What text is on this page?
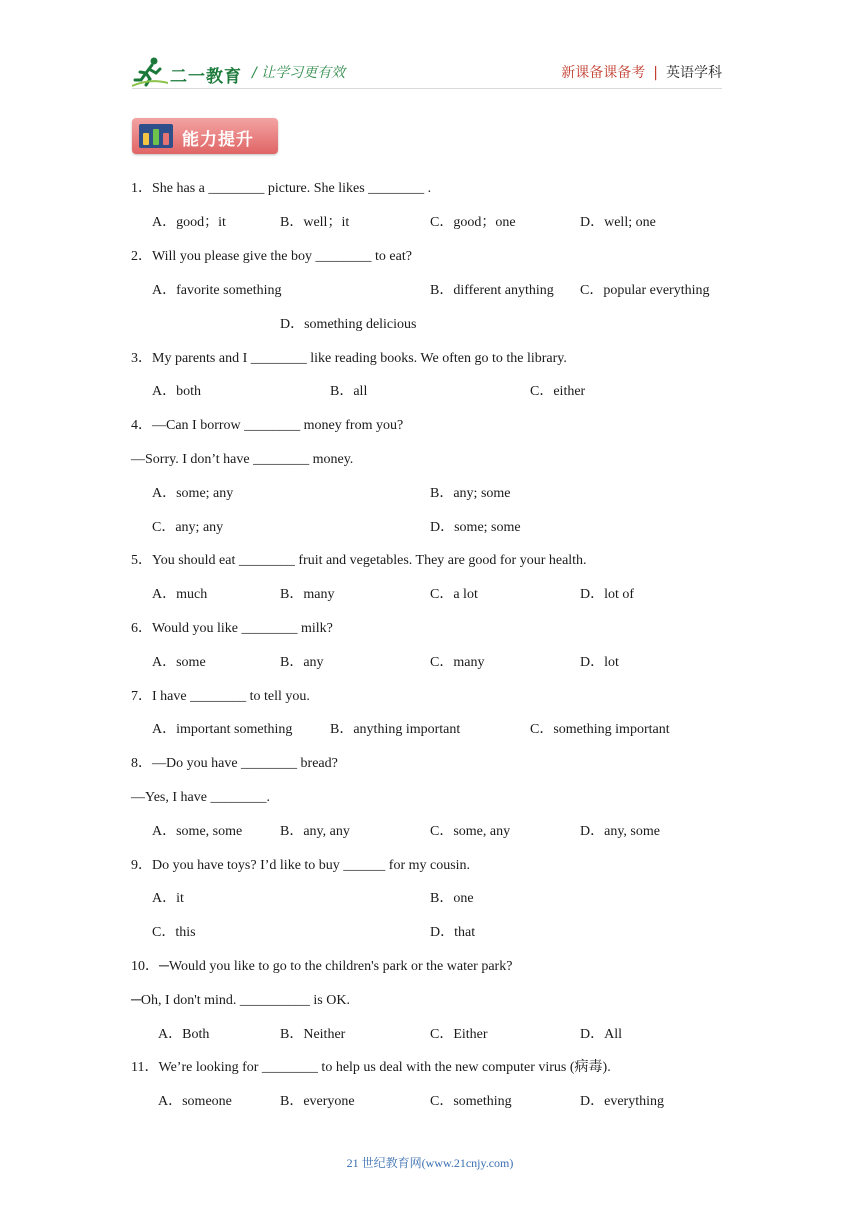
二一教育 / 让学习更有效	新课备课备考 | 英语学科
能力提升
1．She has a ________ picture. She likes ________ .
A．good；it	B．well；it	C．good；one	D．well; one
2．Will you please give the boy ________ to eat?
A．favorite something	B．different anything C．popular everything
D．something delicious
3．My parents and I ________ like reading books. We often go to the library.
A．both	B．all	C．either
4．—Can I borrow ________ money from you?
—Sorry. I don’t have ________ money.
A．some; any	B．any; some
C．any; any	D．some; some
5．You should eat ________ fruit and vegetables. They are good for your health.
A．much	B．many	C．a lot	D．lot of
6．Would you like ________ milk?
A．some	B．any	C．many	D．lot
7．I have ________ to tell you.
A．important something	B．anything important	C．something important
8．—Do you have ________ bread?
—Yes, I have ________.
A．some, some	B．any, any	C．some, any	D．any, some
9．Do you have toys? I’d like to buy ______ for my cousin.
A．it	B．one
C．this	D．that
10．─Would you like to go to the children's park or the water park?
─Oh, I don't mind. __________ is OK.
A．Both	B．Neither	C．Either	D．All
11．We’re looking for ________ to help us deal with the new computer virus (病毒).
A．someone	B．everyone	C．something	D．everything
21 世纪教育网(www.21cnjy.com)
